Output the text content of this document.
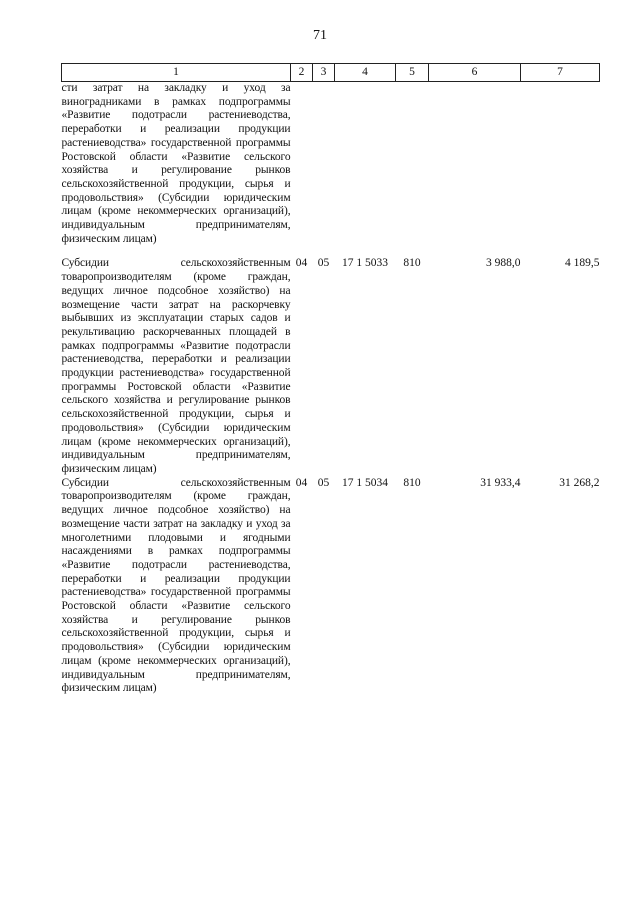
71
1	2	3	4	5	6	7
сти затрат на закладку и уход за виноградниками в рамках подпрограммы «Развитие подотрасли растениеводства, переработки и реализации продукции растениеводства» государственной программы Ростовской области «Развитие сельского хозяйства и регулирование рынков сельскохозяйственной продукции, сырья и продовольствия» (Субсидии юридическим лицам (кроме некоммерческих организаций), индивидуальным предпринимателям, физическим лицам)						
Субсидии сельскохозяйственным товаропроизводителям (кроме граждан, ведущих личное подсобное хозяйство) на возмещение части затрат на раскорчевку выбывших из эксплуатации старых садов и рекультивацию раскорчеванных площадей в рамках подпрограммы «Развитие подотрасли растениеводства, переработки и реализации продукции растениеводства» государственной программы Ростовской области «Развитие сельского хозяйства и регулирование рынков сельскохозяйственной продукции, сырья и продовольствия» (Субсидии юридическим лицам (кроме некоммерческих организаций), индивидуальным предпринимателям, физическим лицам)	04	05	17 1 5033	810	3 988,0	4 189,5
Субсидии сельскохозяйственным товаропроизводителям (кроме граждан, ведущих личное подсобное хозяйство) на возмещение части затрат на закладку и уход за многолетними плодовыми и ягодными насаждениями в рамках подпрограммы «Развитие подотрасли растениеводства, переработки и реализации продукции растениеводства» государственной программы Ростовской области «Развитие сельского хозяйства и регулирование рынков сельскохозяйственной продукции, сырья и продовольствия» (Субсидии юридическим лицам (кроме некоммерческих организаций), индивидуальным предпринимателям, физическим лицам)	04	05	17 1 5034	810	31 933,4	31 268,2
